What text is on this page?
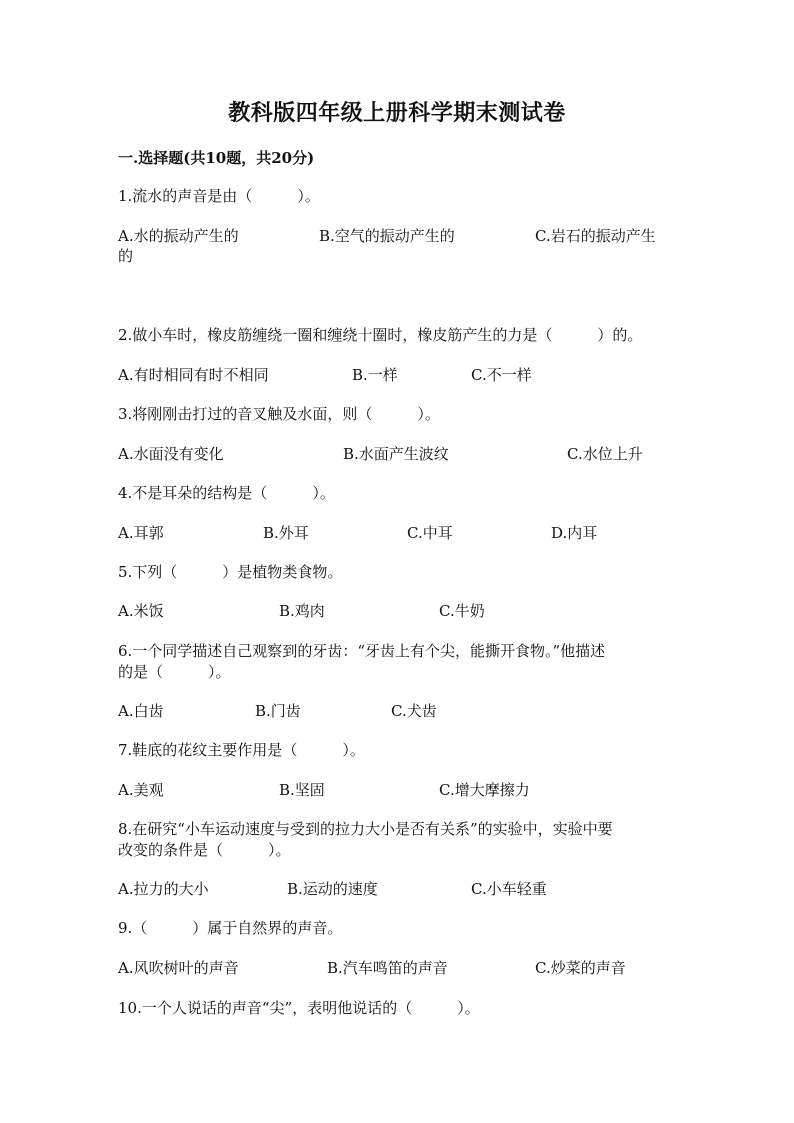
教科版四年级上册科学期末测试卷
一.选择题(共10题，共20分)
1.流水的声音是由（　　　）。
A.水的振动产生的	B.空气的振动产生的	C.岩石的振动产生
的
2.做小车时，橡皮筋缠绕一圈和缠绕十圈时，橡皮筋产生的力是（　　　）的。
A.有时相同有时不相同	B.一样	C.不一样
3.将刚刚击打过的音叉触及水面，则（　　　）。
A.水面没有变化	B.水面产生波纹	C.水位上升
4.不是耳朵的结构是（　　　）。
A.耳郭	B.外耳	C.中耳	D.内耳
5.下列（　　　）是植物类食物。
A.米饭	B.鸡肉	C.牛奶
6.一个同学描述自己观察到的牙齿：“牙齿上有个尖，能撕开食物。”他描述
的是（　　　）。
A.白齿	B.门齿	C.犬齿
7.鞋底的花纹主要作用是（　　　）。
A.美观	B.坚固	C.增大摩擦力
8.在研究“小车运动速度与受到的拉力大小是否有关系”的实验中，实验中要
改变的条件是（　　　）。
A.拉力的大小	B.运动的速度	C.小车轻重
9.（　　　）属于自然界的声音。
A.风吹树叶的声音	B.汽车鸣笛的声音	C.炒菜的声音
10.一个人说话的声音“尖”，表明他说话的（　　　）。
